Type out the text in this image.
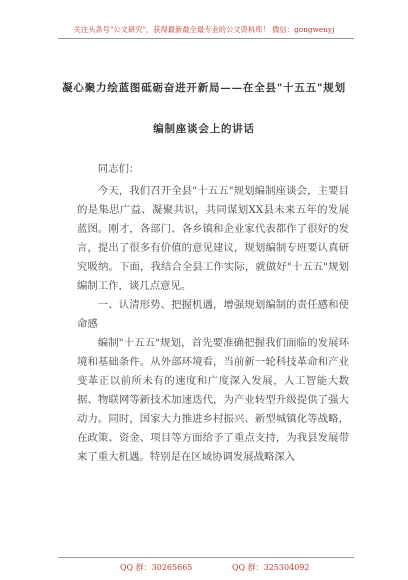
关注头条号"公文研究"，获得最新最全最专业的公文资料库！ 微信：gongwenyj
凝心聚力绘蓝图砥砺奋进开新局——在全县"十五五"规划
编制座谈会上的讲话

同志们：

今天，我们召开全县"十五五"规划编制座谈会，主要目的是集思广益、凝聚共识，共同谋划XX县未来五年的发展蓝图。刚才，各部门、各乡镇和企业家代表都作了很好的发言，提出了很多有价值的意见建议，规划编制专班要认真研究吸纳。下面，我结合全县工作实际，就做好"十五五"规划编制工作，谈几点意见。

一、认清形势、把握机遇，增强规划编制的责任感和使命感

编制"十五五"规划，首先要准确把握我们面临的发展环境和基础条件。从外部环境看，当前新一轮科技革命和产业变革正以前所未有的速度和广度深入发展，人工智能大数据、物联网等新技术加速迭代，为产业转型升级提供了强大动力。同时，国家大力推进乡村振兴、新型城镇化等战略，在政策、资金、项目等方面给予了重点支持，为我县发展带来了重大机遇。特别是在区域协调发展战略深入

QQ 群：30265665	QQ 群：325304092
